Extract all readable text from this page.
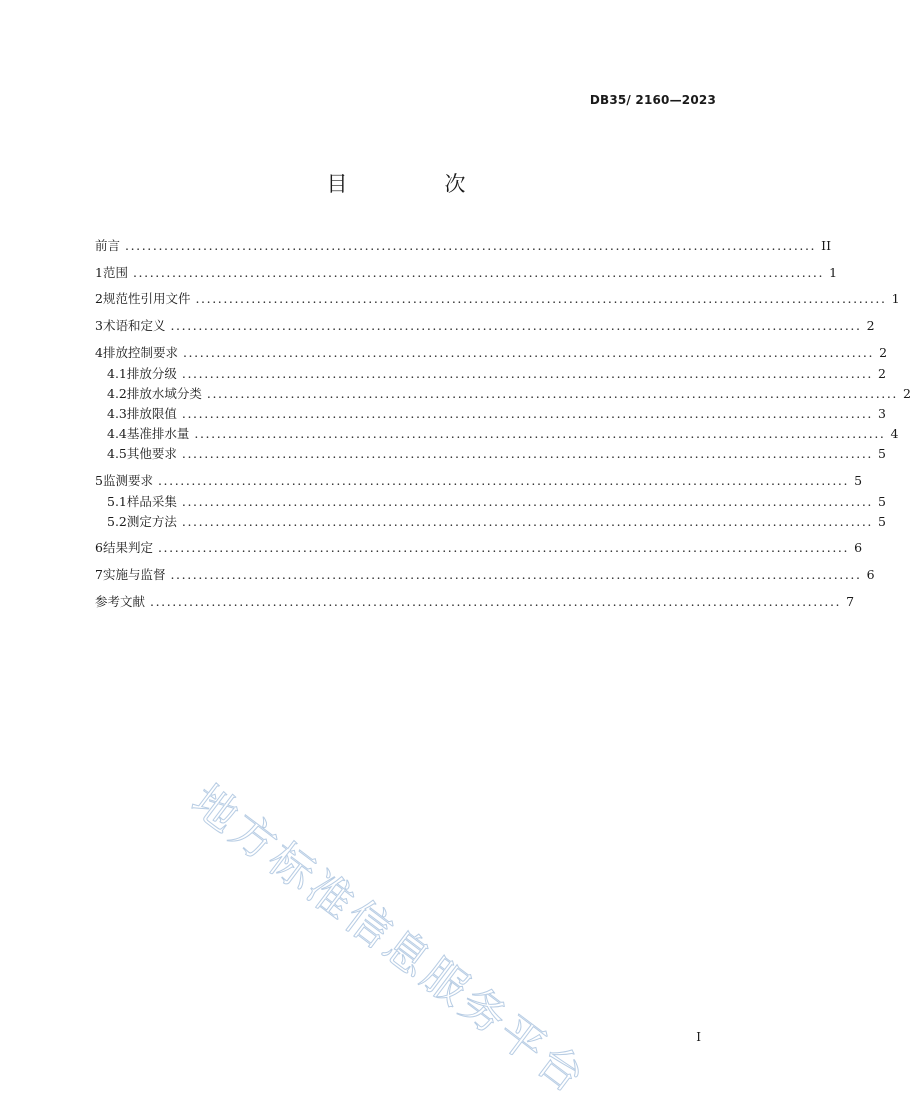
DB35/ 2160—2023
目　次
前言 ............................................................................................................................ II
1 范围 ............................................................................................................................ 1
2 规范性引用文件 ............................................................................................................................ 1
3 术语和定义 ............................................................................................................................ 2
4 排放控制要求 ............................................................................................................................ 2
4.1 排放分级 ............................................................................................................................ 2
4.2 排放水域分类 ............................................................................................................................ 2
4.3 排放限值 ............................................................................................................................ 3
4.4 基准排水量 ............................................................................................................................ 4
4.5 其他要求 ............................................................................................................................ 5
5 监测要求 ............................................................................................................................ 5
5.1 样品采集 ............................................................................................................................ 5
5.2 测定方法 ............................................................................................................................ 5
6 结果判定 ............................................................................................................................ 6
7 实施与监督 ............................................................................................................................ 6
参考文献 ............................................................................................................................ 7
地方标准信息服务平台	I
